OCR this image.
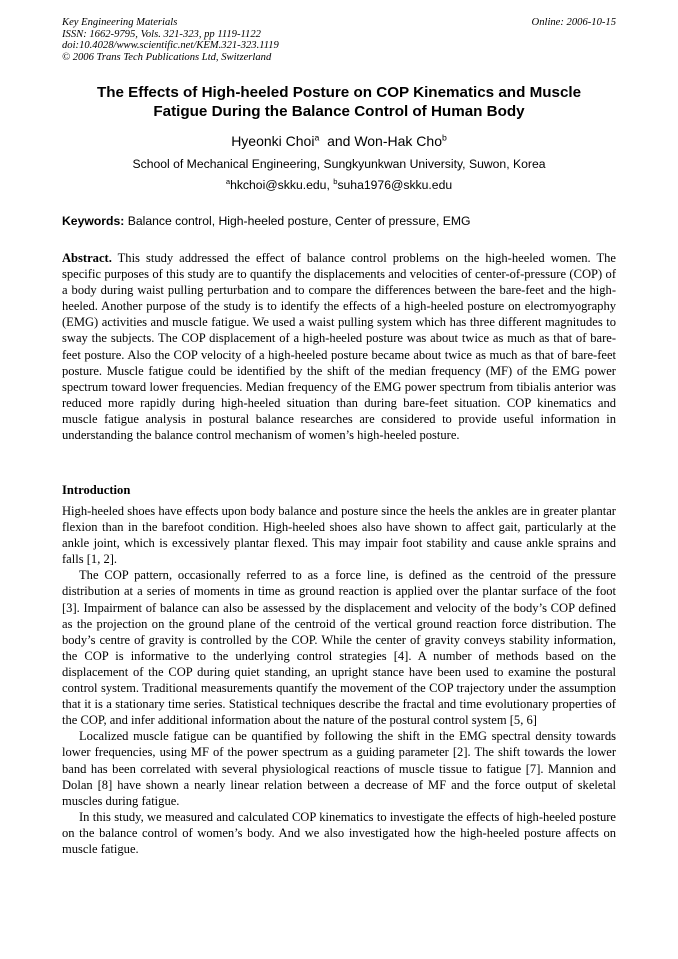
Key Engineering Materials	Online: 2006-10-15
ISSN: 1662-9795, Vols. 321-323, pp 1119-1122
doi:10.4028/www.scientific.net/KEM.321-323.1119
© 2006 Trans Tech Publications Ltd, Switzerland
The Effects of High-heeled Posture on COP Kinematics and Muscle
Fatigue During the Balance Control of Human Body
Hyeonki Choi$^a$ and Won-Hak Cho$^b$
School of Mechanical Engineering, Sungkyunkwan University, Suwon, Korea
$^a$hkchoi@skku.edu, $^b$suha1976@skku.edu
Keywords: Balance control, High-heeled posture, Center of pressure, EMG
Abstract. This study addressed the effect of balance control problems on the high-heeled women. The specific purposes of this study are to quantify the displacements and velocities of center-of-pressure (COP) of a body during waist pulling perturbation and to compare the differences between the bare-feet and the high-heeled. Another purpose of the study is to identify the effects of a high-heeled posture on electromyography (EMG) activities and muscle fatigue. We used a waist pulling system which has three different magnitudes to sway the subjects. The COP displacement of a high-heeled posture was about twice as much as that of bare-feet posture. Also the COP velocity of a high-heeled posture became about twice as much as that of bare-feet posture. Muscle fatigue could be identified by the shift of the median frequency (MF) of the EMG power spectrum toward lower frequencies. Median frequency of the EMG power spectrum from tibialis anterior was reduced more rapidly during high-heeled situation than during bare-feet situation. COP kinematics and muscle fatigue analysis in postural balance researches are considered to provide useful information in understanding the balance control mechanism of women’s high-heeled posture.
Introduction

High-heeled shoes have effects upon body balance and posture since the heels the ankles are in greater plantar flexion than in the barefoot condition. High-heeled shoes also have shown to affect gait, particularly at the ankle joint, which is excessively plantar flexed. This may impair foot stability and cause ankle sprains and falls [1, 2].

The COP pattern, occasionally referred to as a force line, is defined as the centroid of the pressure distribution at a series of moments in time as ground reaction is applied over the plantar surface of the foot [3]. Impairment of balance can also be assessed by the displacement and velocity of the body’s COP defined as the projection on the ground plane of the centroid of the vertical ground reaction force distribution. The body’s centre of gravity is controlled by the COP. While the center of gravity conveys stability information, the COP is informative to the underlying control strategies [4]. A number of methods based on the displacement of the COP during quiet standing, an upright stance have been used to examine the postural control system. Traditional measurements quantify the movement of the COP trajectory under the assumption that it is a stationary time series. Statistical techniques describe the fractal and time evolutionary properties of the COP, and infer additional information about the nature of the postural control system [5, 6]

Localized muscle fatigue can be quantified by following the shift in the EMG spectral density towards lower frequencies, using MF of the power spectrum as a guiding parameter [2]. The shift towards the lower band has been correlated with several physiological reactions of muscle tissue to fatigue [7]. Mannion and Dolan [8] have shown a nearly linear relation between a decrease of MF and the force output of skeletal muscles during fatigue.

In this study, we measured and calculated COP kinematics to investigate the effects of high-heeled posture on the balance control of women’s body. And we also investigated how the high-heeled posture affects on muscle fatigue.
